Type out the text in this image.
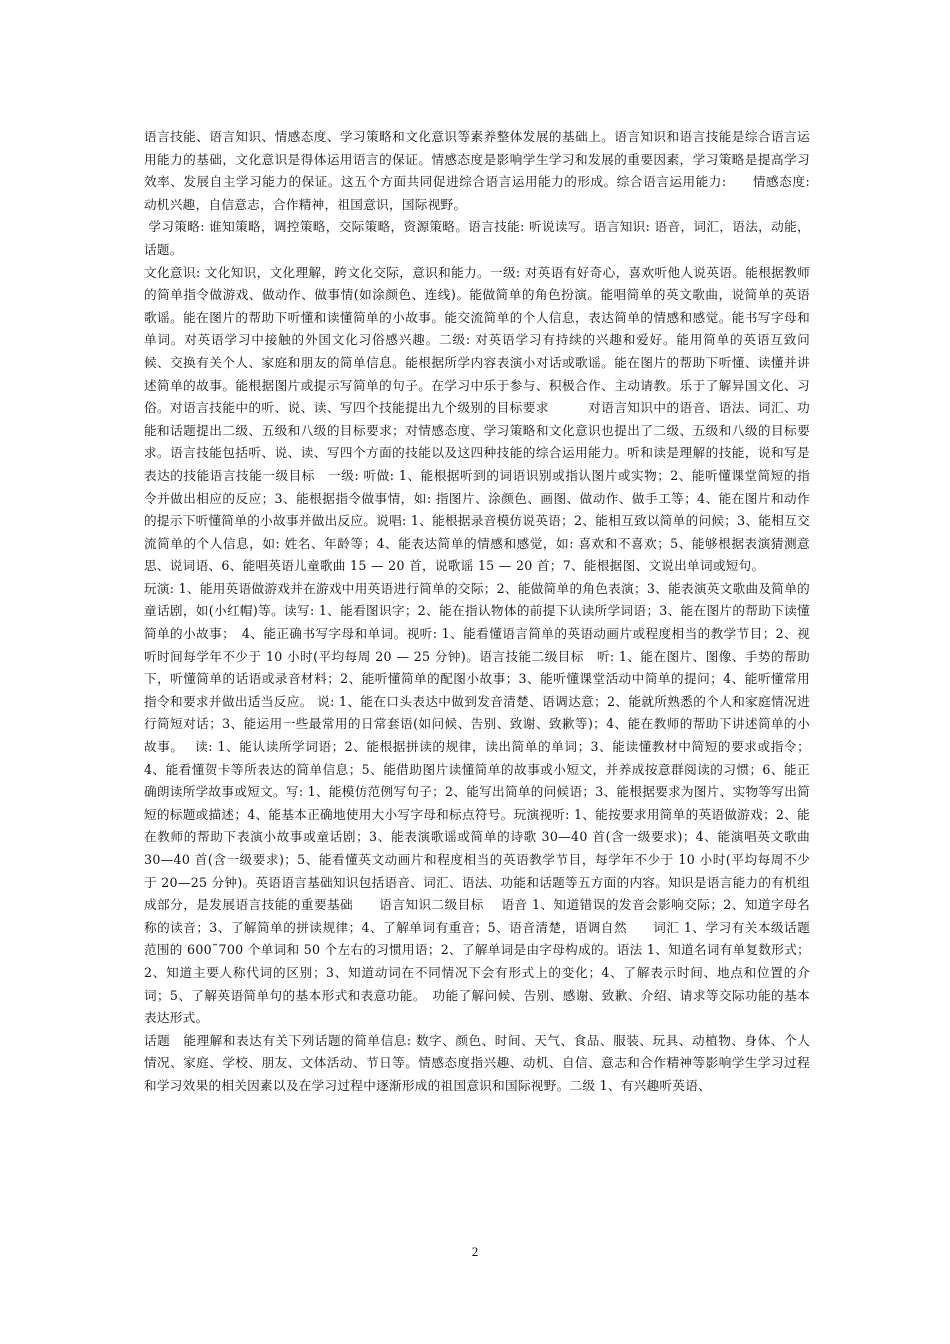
语言技能、语言知识、情感态度、学习策略和文化意识等素养整体发展的基础上。语言知识和语言技能是综合语言运用能力的基础，文化意识是得体运用语言的保证。情感态度是影响学生学习和发展的重要因素，学习策略是提高学习效率、发展自主学习能力的保证。这五个方面共同促进综合语言运用能力的形成。综合语言运用能力:　　情感态度: 动机兴趣，自信意志，合作精神，祖国意识，国际视野。

学习策略: 谁知策略，调控策略，交际策略，资源策略。语言技能: 听说读写。语言知识: 语音，词汇，语法，动能，话题。

文化意识: 文化知识，文化理解，跨文化交际，意识和能力。一级: 对英语有好奇心，喜欢听他人说英语。能根据教师的简单指令做游戏、做动作、做事情(如涂颜色、连线)。能做简单的角色扮演。能唱简单的英文歌曲，说简单的英语歌谣。能在图片的帮助下听懂和读懂简单的小故事。能交流简单的个人信息，表达简单的情感和感觉。能书写字母和单词。对英语学习中接触的外国文化习俗感兴趣。二级: 对英语学习有持续的兴趣和爱好。能用简单的英语互致问候、交换有关个人、家庭和朋友的简单信息。能根据所学内容表演小对话或歌谣。能在图片的帮助下听懂、读懂并讲述简单的故事。能根据图片或提示写简单的句子。在学习中乐于参与、积极合作、主动请教。乐于了解异国文化、习俗。对语言技能中的听、说、读、写四个技能提出九个级别的目标要求　　　对语言知识中的语音、语法、词汇、功能和话题提出二级、五级和八级的目标要求；对情感态度、学习策略和文化意识也提出了二级、五级和八级的目标要求。语言技能包括听、说、读、写四个方面的技能以及这四种技能的综合运用能力。听和读是理解的技能，说和写是表达的技能语言技能一级目标　一级: 听做: 1、能根据听到的词语识别或指认图片或实物；2、能听懂课堂简短的指令并做出相应的反应；3、能根据指令做事情，如: 指图片、涂颜色、画图、做动作、做手工等；4、能在图片和动作的提示下听懂简单的小故事并做出反应。说唱: 1、能根据录音模仿说英语；2、能相互致以简单的问候；3、能相互交流简单的个人信息，如: 姓名、年龄等；4、能表达简单的情感和感觉，如: 喜欢和不喜欢；5、能够根据表演猜测意思、说词语、6、能唱英语儿童歌曲 15 — 20 首，说歌谣 15 — 20 首；7、能根据图、文说出单词或短句。

玩演: 1、能用英语做游戏并在游戏中用英语进行简单的交际；2、能做简单的角色表演；3、能表演英文歌曲及简单的童话剧，如(小红帽)等。读写: 1、能看图识字；2、能在指认物体的前提下认读所学词语；3、能在图片的帮助下读懂简单的小故事；　4、能正确书写字母和单词。视听: 1、能看懂语言简单的英语动画片或程度相当的教学节目；2、视听时间每学年不少于 10 小时(平均每周 20 — 25 分钟)。语言技能二级目标　听: 1、能在图片、图像、手势的帮助下，听懂简单的话语或录音材料；2、能听懂简单的配图小故事；3、能听懂课堂活动中简单的提问；4、能听懂常用指令和要求并做出适当反应。 说: 1、能在口头表达中做到发音清楚、语调达意；2、能就所熟悉的个人和家庭情况进行简短对话；3、能运用一些最常用的日常套语(如问候、告别、致谢、致歉等)；4、能在教师的帮助下讲述简单的小故事。　 读: 1、能认读所学词语；2、能根据拼读的规律，读出简单的单词；3、能读懂教材中简短的要求或指令；4、能看懂贺卡等所表达的简单信息；5、能借助图片读懂简单的故事或小短文，并养成按意群阅读的习惯；6、能正确朗读所学故事或短文。写: 1、能模仿范例写句子；2、能写出简单的问候语；3、能根据要求为图片、实物等写出简短的标题或描述；4、能基本正确地使用大小写字母和标点符号。玩演视听: 1、能按要求用简单的英语做游戏；2、能在教师的帮助下表演小故事或童话剧；3、能表演歌谣或简单的诗歌 30—40 首(含一级要求)；4、能演唱英文歌曲 30—40 首(含一级要求)；5、能看懂英文动画片和程度相当的英语教学节目，每学年不少于 10 小时(平均每周不少于 20—25 分钟)。英语语言基础知识包括语音、词汇、语法、功能和话题等五方面的内容。知识是语言能力的有机组成部分，是发展语言技能的重要基础　　语言知识二级目标　 语音 1、知道错误的发音会影响交际；2、知道字母名称的读音；3、了解简单的拼读规律；4、了解单词有重音；5、语音清楚，语调自然　　词汇 1、学习有关本级话题范围的 600˜700 个单词和 50 个左右的习惯用语；2、了解单词是由字母构成的。语法 1、知道名词有单复数形式；2、知道主要人称代词的区别；3、知道动词在不同情况下会有形式上的变化；4、了解表示时间、地点和位置的介词；5、了解英语简单句的基本形式和表意功能。　功能了解问候、告别、感谢、致歉、介绍、请求等交际功能的基本表达形式。

话题　能理解和表达有关下列话题的简单信息: 数字、颜色、时间、天气、食品、服装、玩具、动植物、身体、个人情况、家庭、学校、朋友、文体活动、节日等。情感态度指兴趣、动机、自信、意志和合作精神等影响学生学习过程和学习效果的相关因素以及在学习过程中逐渐形成的祖国意识和国际视野。二级 1、有兴趣听英语、

2
